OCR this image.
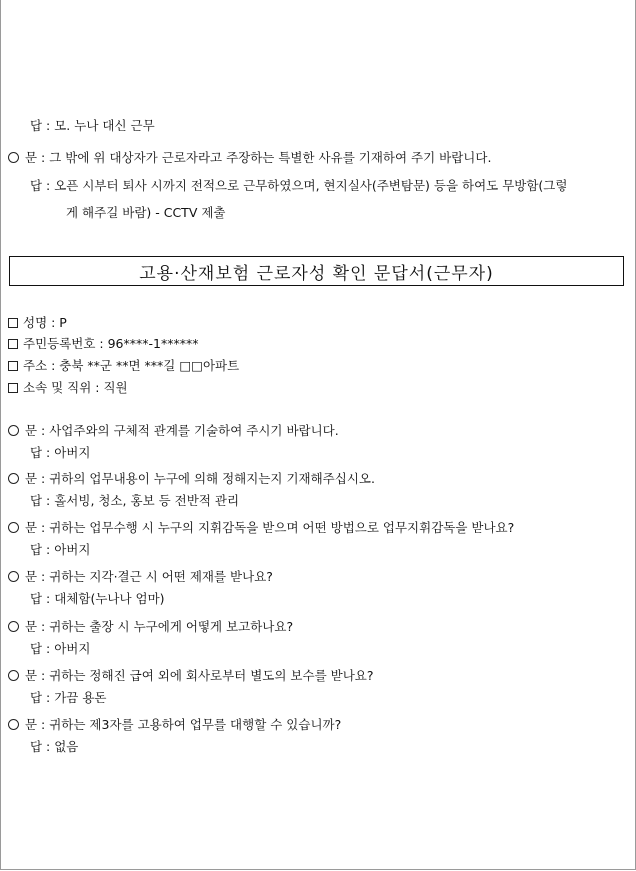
답 : 모. 누나 대신 근무
문 : 그 밖에 위 대상자가 근로자라고 주장하는 특별한 사유를 기재하여 주기 바랍니다.
답 : 오픈 시부터 퇴사 시까지 전적으로 근무하였으며, 현지실사(주변탐문) 등을 하여도 무방함(그렇
게 해주길 바람) - CCTV 제출
고용·산재보험 근로자성 확인 문답서(근무자)
성명 : P
주민등록번호 : 96****-1******
주소 : 충북 **군 **면 ***길 □□아파트
소속 및 직위 : 직원
문 : 사업주와의 구체적 관계를 기술하여 주시기 바랍니다.
답 : 아버지
문 : 귀하의 업무내용이 누구에 의해 정해지는지 기재해주십시오.
답 : 홀서빙, 청소, 홍보 등 전반적 관리
문 : 귀하는 업무수행 시 누구의 지휘감독을 받으며 어떤 방법으로 업무지휘감독을 받나요?
답 : 아버지
문 : 귀하는 지각·결근 시 어떤 제재를 받나요?
답 : 대체함(누나나 엄마)
문 : 귀하는 출장 시 누구에게 어떻게 보고하나요?
답 : 아버지
문 : 귀하는 정해진 급여 외에 회사로부터 별도의 보수를 받나요?
답 : 가끔 용돈
문 : 귀하는 제3자를 고용하여 업무를 대행할 수 있습니까?
답 : 없음
